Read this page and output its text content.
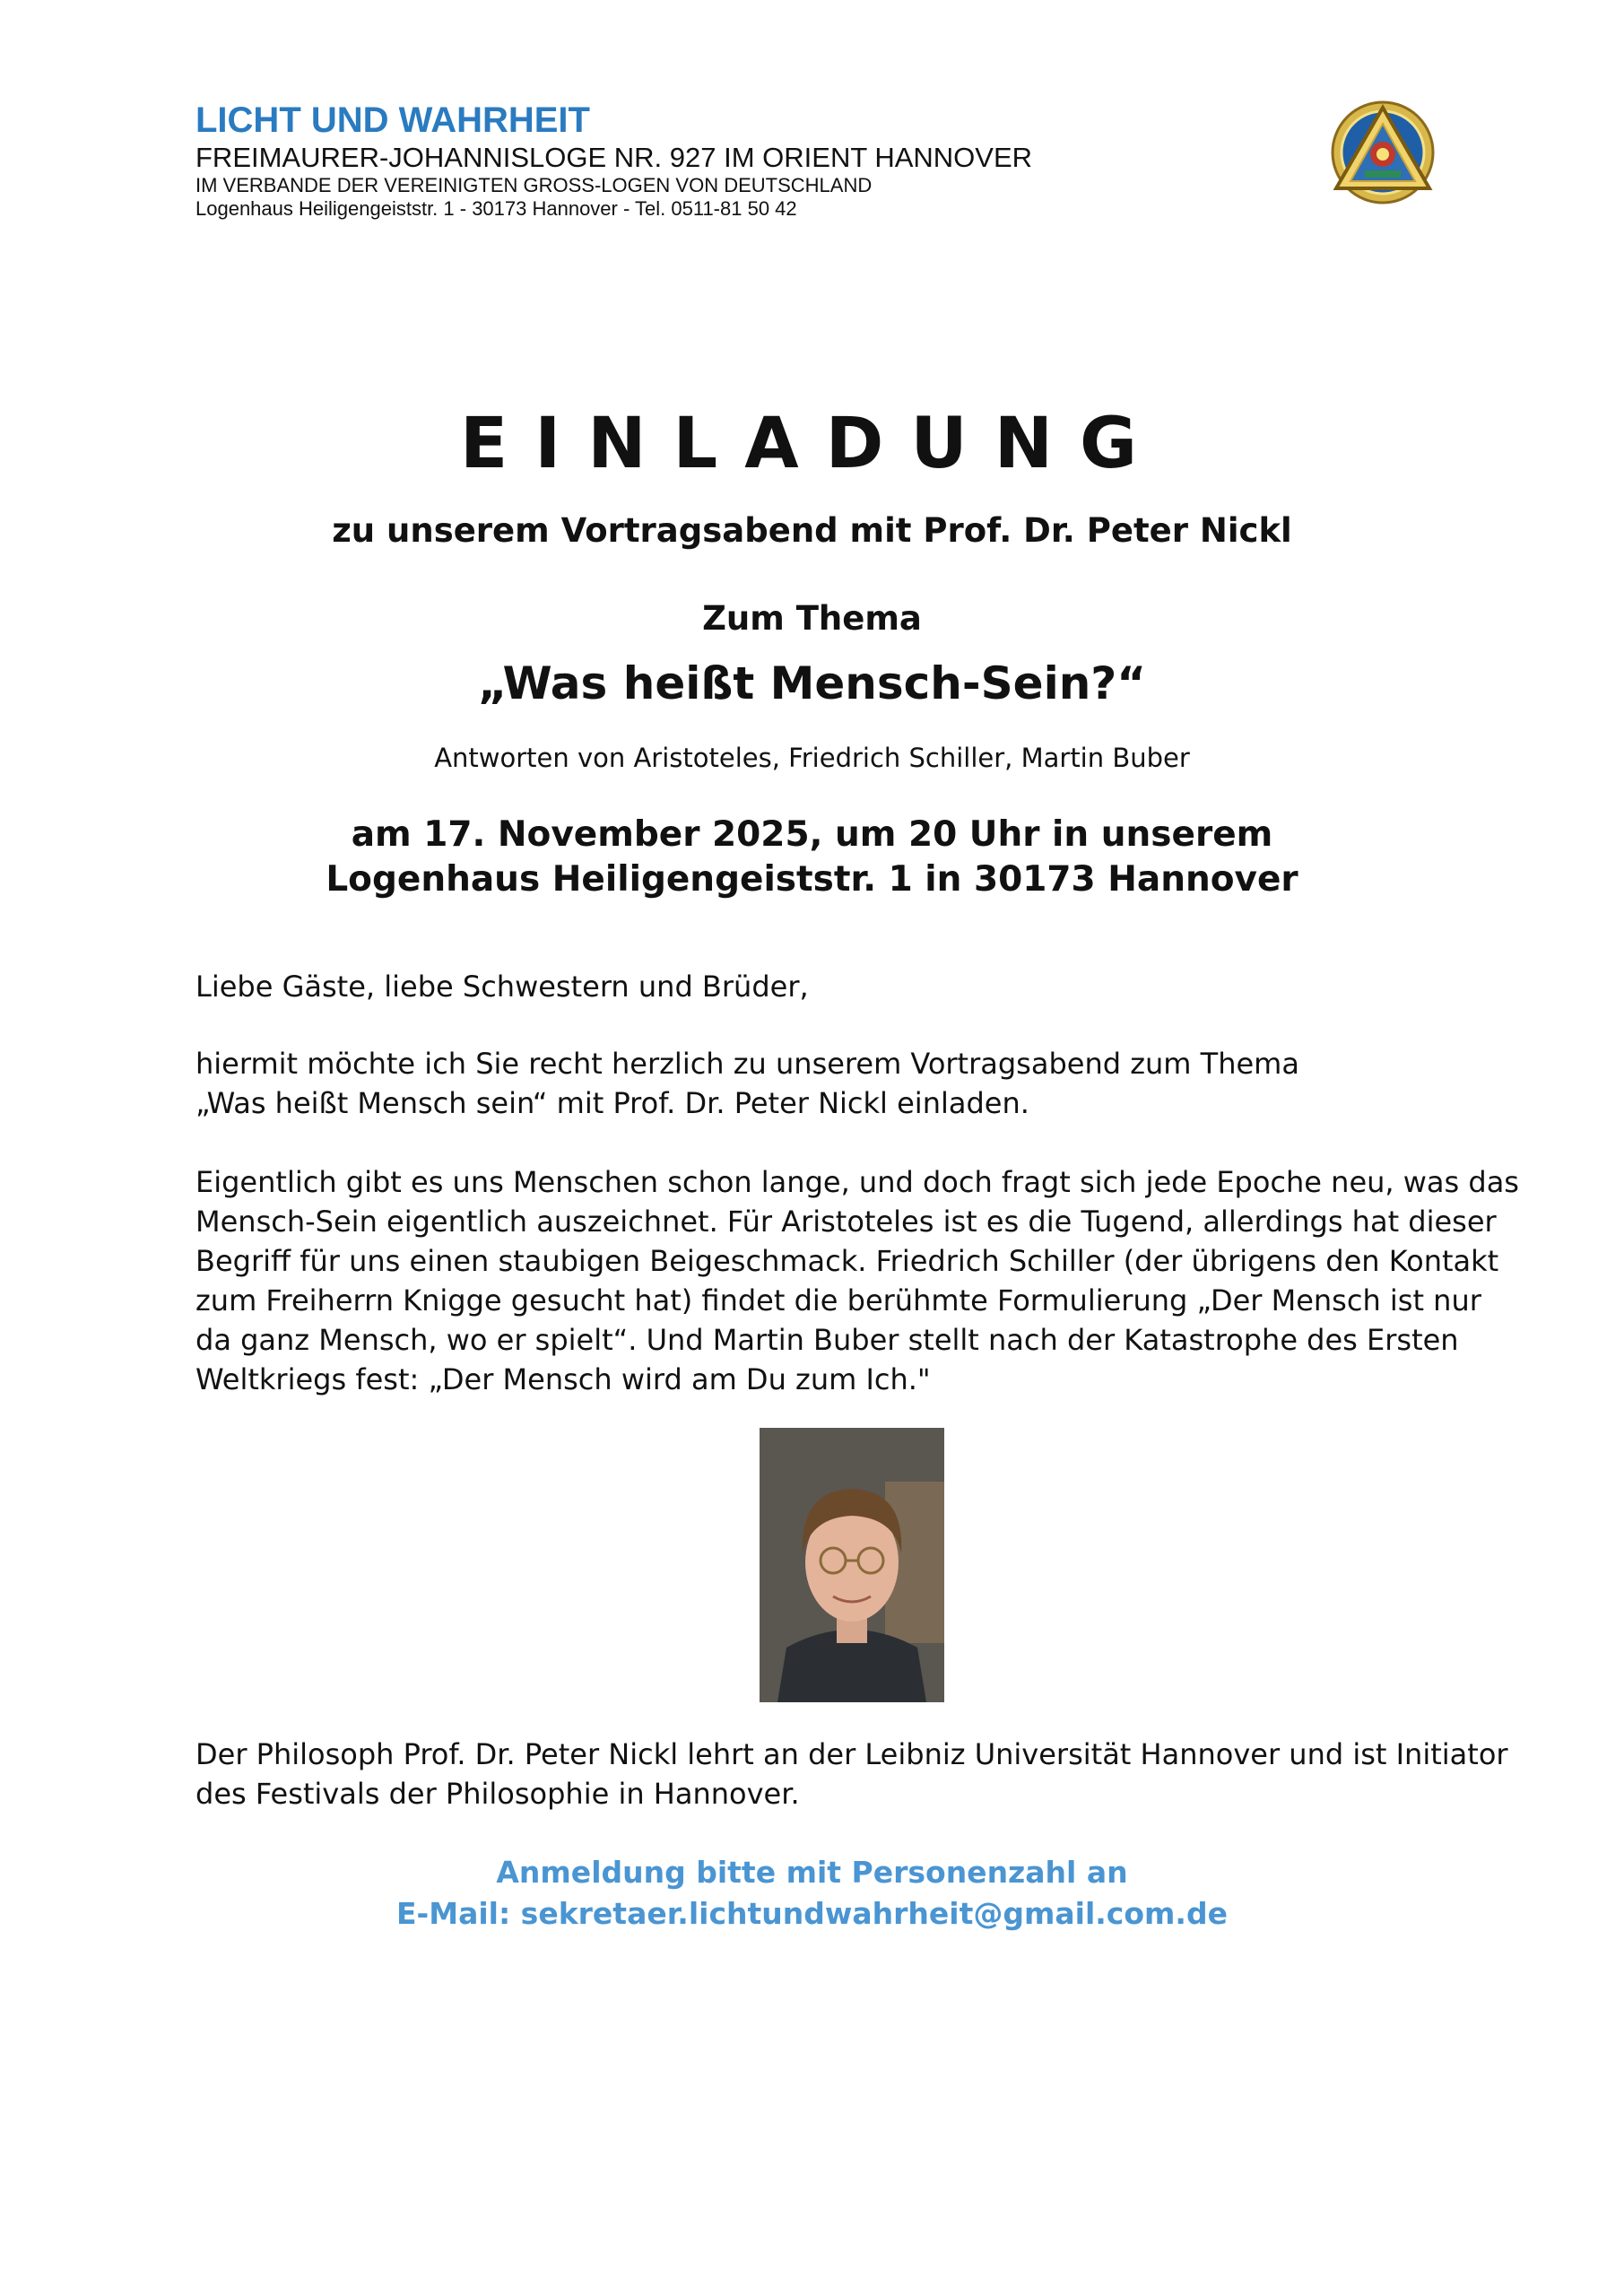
LICHT UND WAHRHEIT
FREIMAURER-JOHANNISLOGE NR. 927 IM ORIENT HANNOVER
IM VERBANDE DER VEREINIGTEN GROSS-LOGEN VON DEUTSCHLAND
Logenhaus Heiligengeiststr. 1 - 30173 Hannover - Tel. 0511-81 50 42
EINLADUNG
zu unserem Vortragsabend mit Prof. Dr. Peter Nickl
Zum Thema
„Was heißt Mensch-Sein?“
Antworten von Aristoteles, Friedrich Schiller, Martin Buber
am 17. November 2025, um 20 Uhr in unserem
Logenhaus Heiligengeiststr. 1 in 30173 Hannover

Liebe Gäste, liebe Schwestern und Brüder,

hiermit möchte ich Sie recht herzlich zu unserem Vortragsabend zum Thema
„Was heißt Mensch sein“ mit Prof. Dr. Peter Nickl einladen.

Eigentlich gibt es uns Menschen schon lange, und doch fragt sich jede Epoche neu, was das Mensch-Sein eigentlich auszeichnet. Für Aristoteles ist es die Tugend, allerdings hat dieser Begriff für uns einen staubigen Beigeschmack. Friedrich Schiller (der übrigens den Kontakt zum Freiherrn Knigge gesucht hat) findet die berühmte Formulierung „Der Mensch ist nur da ganz Mensch, wo er spielt“. Und Martin Buber stellt nach der Katastrophe des Ersten Weltkriegs fest: „Der Mensch wird am Du zum Ich."

Der Philosoph Prof. Dr. Peter Nickl lehrt an der Leibniz Universität Hannover und ist Initiator des Festivals der Philosophie in Hannover.

Anmeldung bitte mit Personenzahl an
E-Mail: sekretaer.lichtundwahrheit@gmail.com.de
